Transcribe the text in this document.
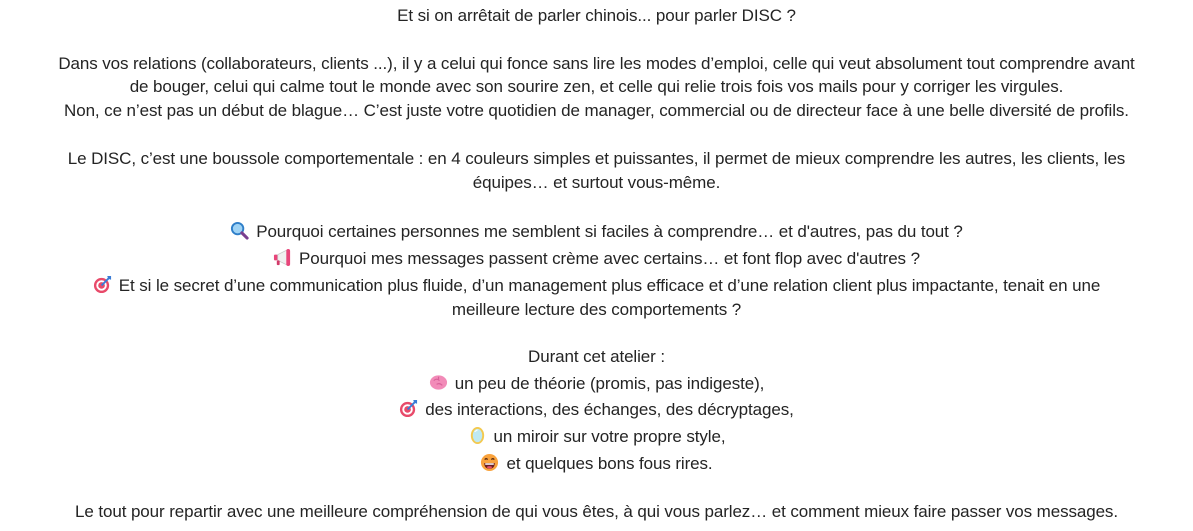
Et si on arrêtait de parler chinois... pour parler DISC ?
Dans vos relations (collaborateurs, clients ...), il y a celui qui fonce sans lire les modes d’emploi, celle qui veut absolument tout comprendre avant
de bouger, celui qui calme tout le monde avec son sourire zen, et celle qui relie trois fois vos mails pour y corriger les virgules.
Non, ce n’est pas un début de blague… C’est juste votre quotidien de manager, commercial ou de directeur face à une belle diversité de profils.
Le DISC, c’est une boussole comportementale : en 4 couleurs simples et puissantes, il permet de mieux comprendre les autres, les clients, les
équipes… et surtout vous-même.
Pourquoi certaines personnes me semblent si faciles à comprendre… et d'autres, pas du tout ?
Pourquoi mes messages passent crème avec certains… et font flop avec d'autres ?
Et si le secret d’une communication plus fluide, d’un management plus efficace et d’une relation client plus impactante, tenait en une
meilleure lecture des comportements ?
Durant cet atelier :
un peu de théorie (promis, pas indigeste),
des interactions, des échanges, des décryptages,
un miroir sur votre propre style,
et quelques bons fous rires.
Le tout pour repartir avec une meilleure compréhension de qui vous êtes, à qui vous parlez… et comment mieux faire passer vos messages.
